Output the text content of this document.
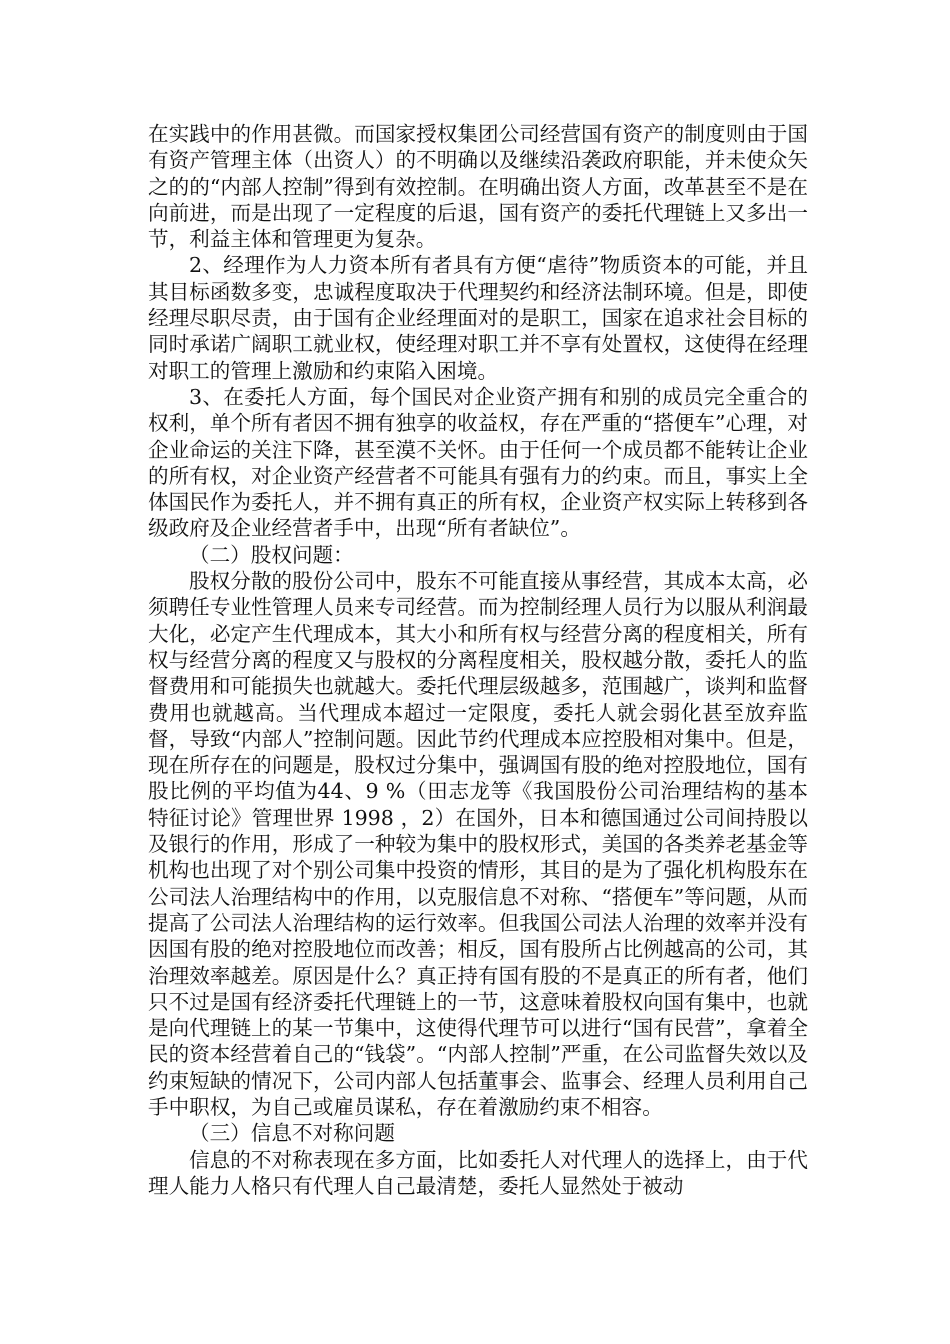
在实践中的作用甚微。而国家授权集团公司经营国有资产的制度则由于国有资产管理主体（出资人）的不明确以及继续沿袭政府职能，并未使众矢之的的“内部人控制”得到有效控制。在明确出资人方面，改革甚至不是在向前进，而是出现了一定程度的后退，国有资产的委托代理链上又多出一节，利益主体和管理更为复杂。

2、经理作为人力资本所有者具有方便“虐待”物质资本的可能，并且其目标函数多变，忠诚程度取决于代理契约和经济法制环境。但是，即使经理尽职尽责，由于国有企业经理面对的是职工，国家在追求社会目标的同时承诺广阔职工就业权，使经理对职工并不享有处置权，这使得在经理对职工的管理上激励和约束陷入困境。

3、在委托人方面，每个国民对企业资产拥有和别的成员完全重合的权利，单个所有者因不拥有独享的收益权，存在严重的“搭便车”心理，对企业命运的关注下降，甚至漠不关怀。由于任何一个成员都不能转让企业的所有权，对企业资产经营者不可能具有强有力的约束。而且，事实上全体国民作为委托人，并不拥有真正的所有权，企业资产权实际上转移到各级政府及企业经营者手中，出现“所有者缺位”。

（二）股权问题：

股权分散的股份公司中，股东不可能直接从事经营，其成本太高，必须聘任专业性管理人员来专司经营。而为控制经理人员行为以服从利润最大化，必定产生代理成本，其大小和所有权与经营分离的程度相关，所有权与经营分离的程度又与股权的分离程度相关，股权越分散，委托人的监督费用和可能损失也就越大。委托代理层级越多，范围越广，谈判和监督费用也就越高。当代理成本超过一定限度，委托人就会弱化甚至放弃监督，导致“内部人”控制问题。因此节约代理成本应控股相对集中。但是，现在所存在的问题是，股权过分集中，强调国有股的绝对控股地位，国有股比例的平均值为44、9 %（田志龙等《我国股份公司治理结构的基本特征讨论》管理世界 1998 ，2）在国外，日本和德国通过公司间持股以及银行的作用，形成了一种较为集中的股权形式，美国的各类养老基金等机构也出现了对个别公司集中投资的情形，其目的是为了强化机构股东在公司法人治理结构中的作用，以克服信息不对称、“搭便车”等问题，从而提高了公司法人治理结构的运行效率。但我国公司法人治理的效率并没有因国有股的绝对控股地位而改善；相反，国有股所占比例越高的公司，其治理效率越差。原因是什么？真正持有国有股的不是真正的所有者，他们只不过是国有经济委托代理链上的一节，这意味着股权向国有集中，也就是向代理链上的某一节集中，这使得代理节可以进行“国有民营”，拿着全民的资本经营着自己的“钱袋”。“内部人控制”严重，在公司监督失效以及约束短缺的情况下，公司内部人包括董事会、监事会、经理人员利用自己手中职权，为自己或雇员谋私，存在着激励约束不相容。

（三）信息不对称问题

信息的不对称表现在多方面，比如委托人对代理人的选择上，由于代理人能力人格只有代理人自己最清楚，委托人显然处于被动
